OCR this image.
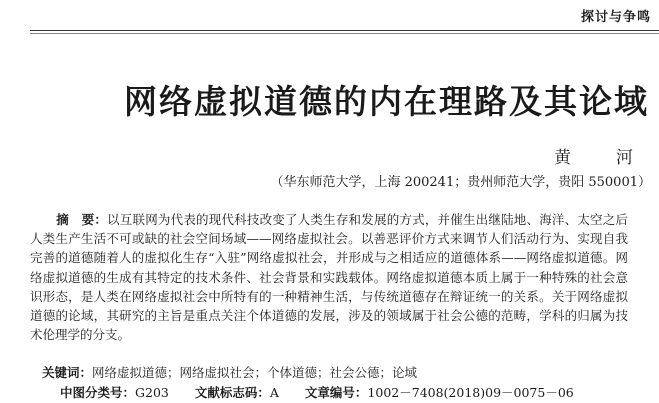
探讨与争鸣
网络虚拟道德的内在理路及其论域
黄　河
（华东师范大学，上海 200241；贵州师范大学，贵阳 550001）
摘　要：以互联网为代表的现代科技改变了人类生存和发展的方式，并催生出继陆地、海洋、太空之后人类生产生活不可或缺的社会空间场域——网络虚拟社会。以善恶评价方式来调节人们活动行为、实现自我完善的道德随着人的虚拟化生存“入驻”网络虚拟社会，并形成与之相适应的道德体系——网络虚拟道德。网络虚拟道德的生成有其特定的技术条件、社会背景和实践载体。网络虚拟道德本质上属于一种特殊的社会意识形态，是人类在网络虚拟社会中所特有的一种精神生活，与传统道德存在辩证统一的关系。关于网络虚拟道德的论域，其研究的主旨是重点关注个体道德的发展，涉及的领域属于社会公德的范畴，学科的归属为技术伦理学的分支。
关键词：网络虚拟道德；网络虚拟社会；个体道德；社会公德；论域
中图分类号：G203 文献标志码：A 文章编号：1002－7408(2018)09－0075－06
